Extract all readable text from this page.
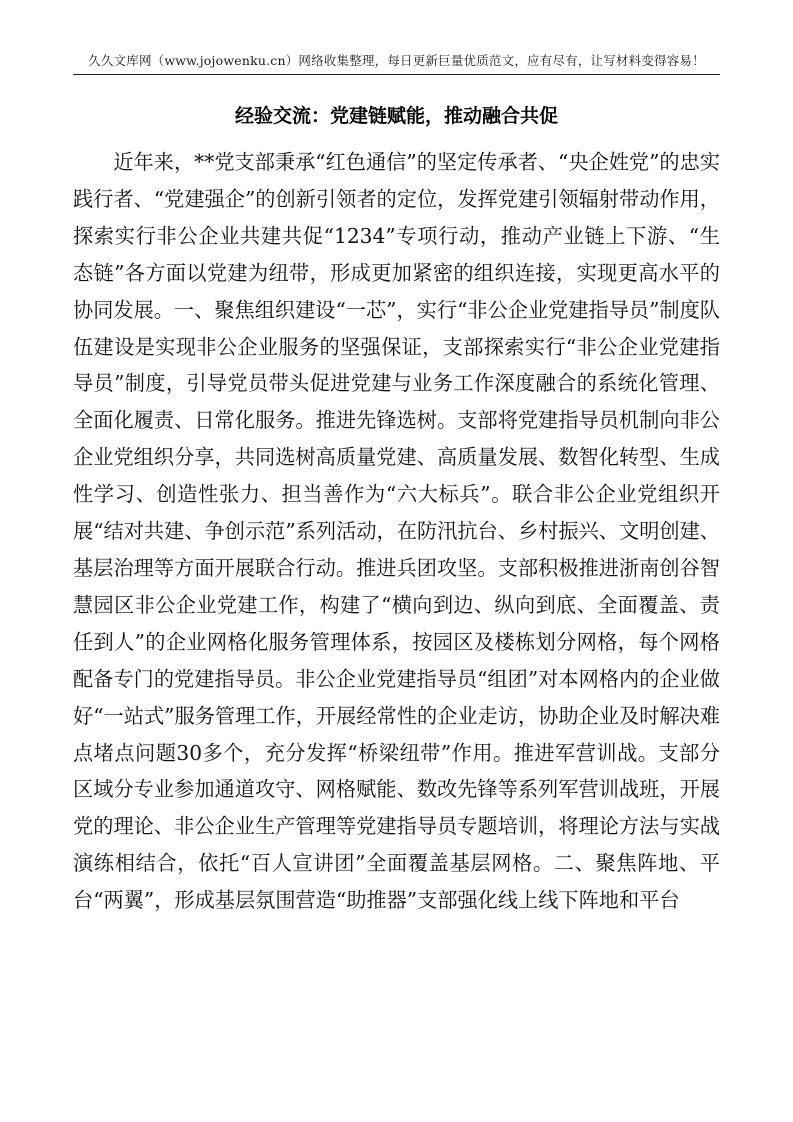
久久文库网（www.jojowenku.cn）网络收集整理，每日更新巨量优质范文，应有尽有，让写材料变得容易！
经验交流：党建链赋能，推动融合共促

近年来，**党支部秉承“红色通信”的坚定传承者、“央企姓党”的忠实践行者、“党建强企”的创新引领者的定位，发挥党建引领辐射带动作用，探索实行非公企业共建共促“1234”专项行动，推动产业链上下游、“生态链”各方面以党建为纽带，形成更加紧密的组织连接，实现更高水平的协同发展。一、聚焦组织建设“一芯”，实行“非公企业党建指导员”制度队伍建设是实现非公企业服务的坚强保证，支部探索实行“非公企业党建指导员”制度，引导党员带头促进党建与业务工作深度融合的系统化管理、全面化履责、日常化服务。推进先锋选树。支部将党建指导员机制向非公企业党组织分享，共同选树高质量党建、高质量发展、数智化转型、生成性学习、创造性张力、担当善作为“六大标兵”。联合非公企业党组织开展“结对共建、争创示范”系列活动，在防汛抗台、乡村振兴、文明创建、基层治理等方面开展联合行动。推进兵团攻坚。支部积极推进浙南创谷智慧园区非公企业党建工作，构建了“横向到边、纵向到底、全面覆盖、责任到人”的企业网格化服务管理体系，按园区及楼栋划分网格，每个网格配备专门的党建指导员。非公企业党建指导员“组团”对本网格内的企业做好“一站式”服务管理工作，开展经常性的企业走访，协助企业及时解决难点堵点问题30多个，充分发挥“桥梁纽带”作用。推进军营训战。支部分区域分专业参加通道攻守、网格赋能、数改先锋等系列军营训战班，开展党的理论、非公企业生产管理等党建指导员专题培训，将理论方法与实战演练相结合，依托“百人宣讲团”全面覆盖基层网格。二、聚焦阵地、平台“两翼”，形成基层氛围营造“助推器”支部强化线上线下阵地和平台
